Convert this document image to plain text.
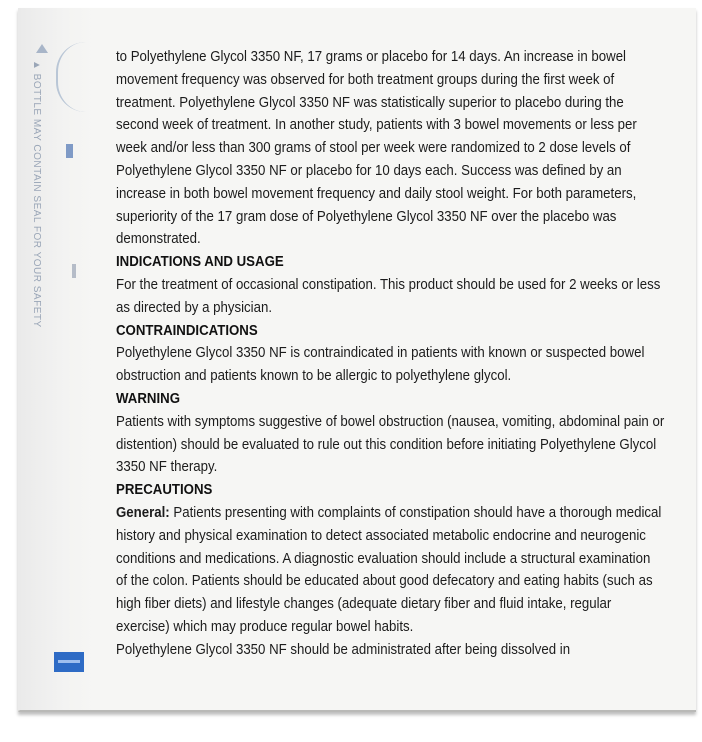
▲ BOTTLE MAY CONTAIN SEAL FOR YOUR SAFETY

to Polyethylene Glycol 3350 NF, 17 grams or placebo for 14 days. An increase in bowel movement frequency was observed for both treatment groups during the first week of treatment. Polyethylene Glycol 3350 NF was statistically superior to placebo during the second week of treatment. In another study, patients with 3 bowel movements or less per week and/or less than 300 grams of stool per week were randomized to 2 dose levels of Polyethylene Glycol 3350 NF or placebo for 10 days each. Success was defined by an increase in both bowel movement frequency and daily stool weight. For both parameters, superiority of the 17 gram dose of Polyethylene Glycol 3350 NF over the placebo was demonstrated.

INDICATIONS AND USAGE

For the treatment of occasional constipation. This product should be used for 2 weeks or less as directed by a physician.

CONTRAINDICATIONS

Polyethylene Glycol 3350 NF is contraindicated in patients with known or suspected bowel obstruction and patients known to be allergic to polyethylene glycol.

WARNING

Patients with symptoms suggestive of bowel obstruction (nausea, vomiting, abdominal pain or distention) should be evaluated to rule out this condition before initiating Polyethylene Glycol 3350 NF therapy.

PRECAUTIONS

General: Patients presenting with complaints of constipation should have a thorough medical history and physical examination to detect associated metabolic endocrine and neurogenic conditions and medications. A diagnostic evaluation should include a structural examination of the colon. Patients should be educated about good defecatory and eating habits (such as high fiber diets) and lifestyle changes (adequate dietary fiber and fluid intake, regular exercise) which may produce regular bowel habits.

Polyethylene Glycol 3350 NF should be administrated after being dissolved in
